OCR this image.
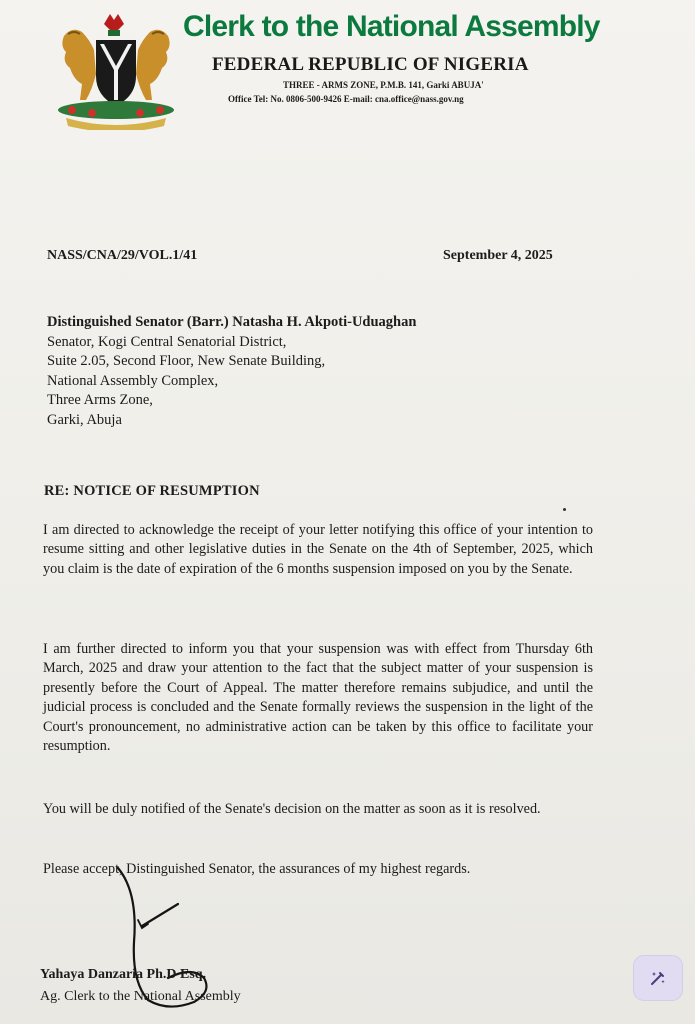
Clerk to the National Assembly
FEDERAL REPUBLIC OF NIGERIA
THREE - ARMS ZONE, P.M.B. 141, Garki ABUJA'
Office Tel: No. 0806-500-9426 E-mail: cna.office@nass.gov.ng
NASS/CNA/29/VOL.1/41	September 4, 2025
Distinguished Senator (Barr.) Natasha H. Akpoti-Uduaghan
Senator, Kogi Central Senatorial District,
Suite 2.05, Second Floor, New Senate Building,
National Assembly Complex,
Three Arms Zone,
Garki, Abuja
RE: NOTICE OF RESUMPTION

I am directed to acknowledge the receipt of your letter notifying this office of your intention to resume sitting and other legislative duties in the Senate on the 4th of September, 2025, which you claim is the date of expiration of the 6 months suspension imposed on you by the Senate.

I am further directed to inform you that your suspension was with effect from Thursday 6th March, 2025 and draw your attention to the fact that the subject matter of your suspension is presently before the Court of Appeal. The matter therefore remains subjudice, and until the judicial process is concluded and the Senate formally reviews the suspension in the light of the Court's pronouncement, no administrative action can be taken by this office to facilitate your resumption.

You will be duly notified of the Senate's decision on the matter as soon as it is resolved.

Please accept, Distinguished Senator, the assurances of my highest regards.
Yahaya Danzaria Ph.D Esq.
Ag. Clerk to the National Assembly
